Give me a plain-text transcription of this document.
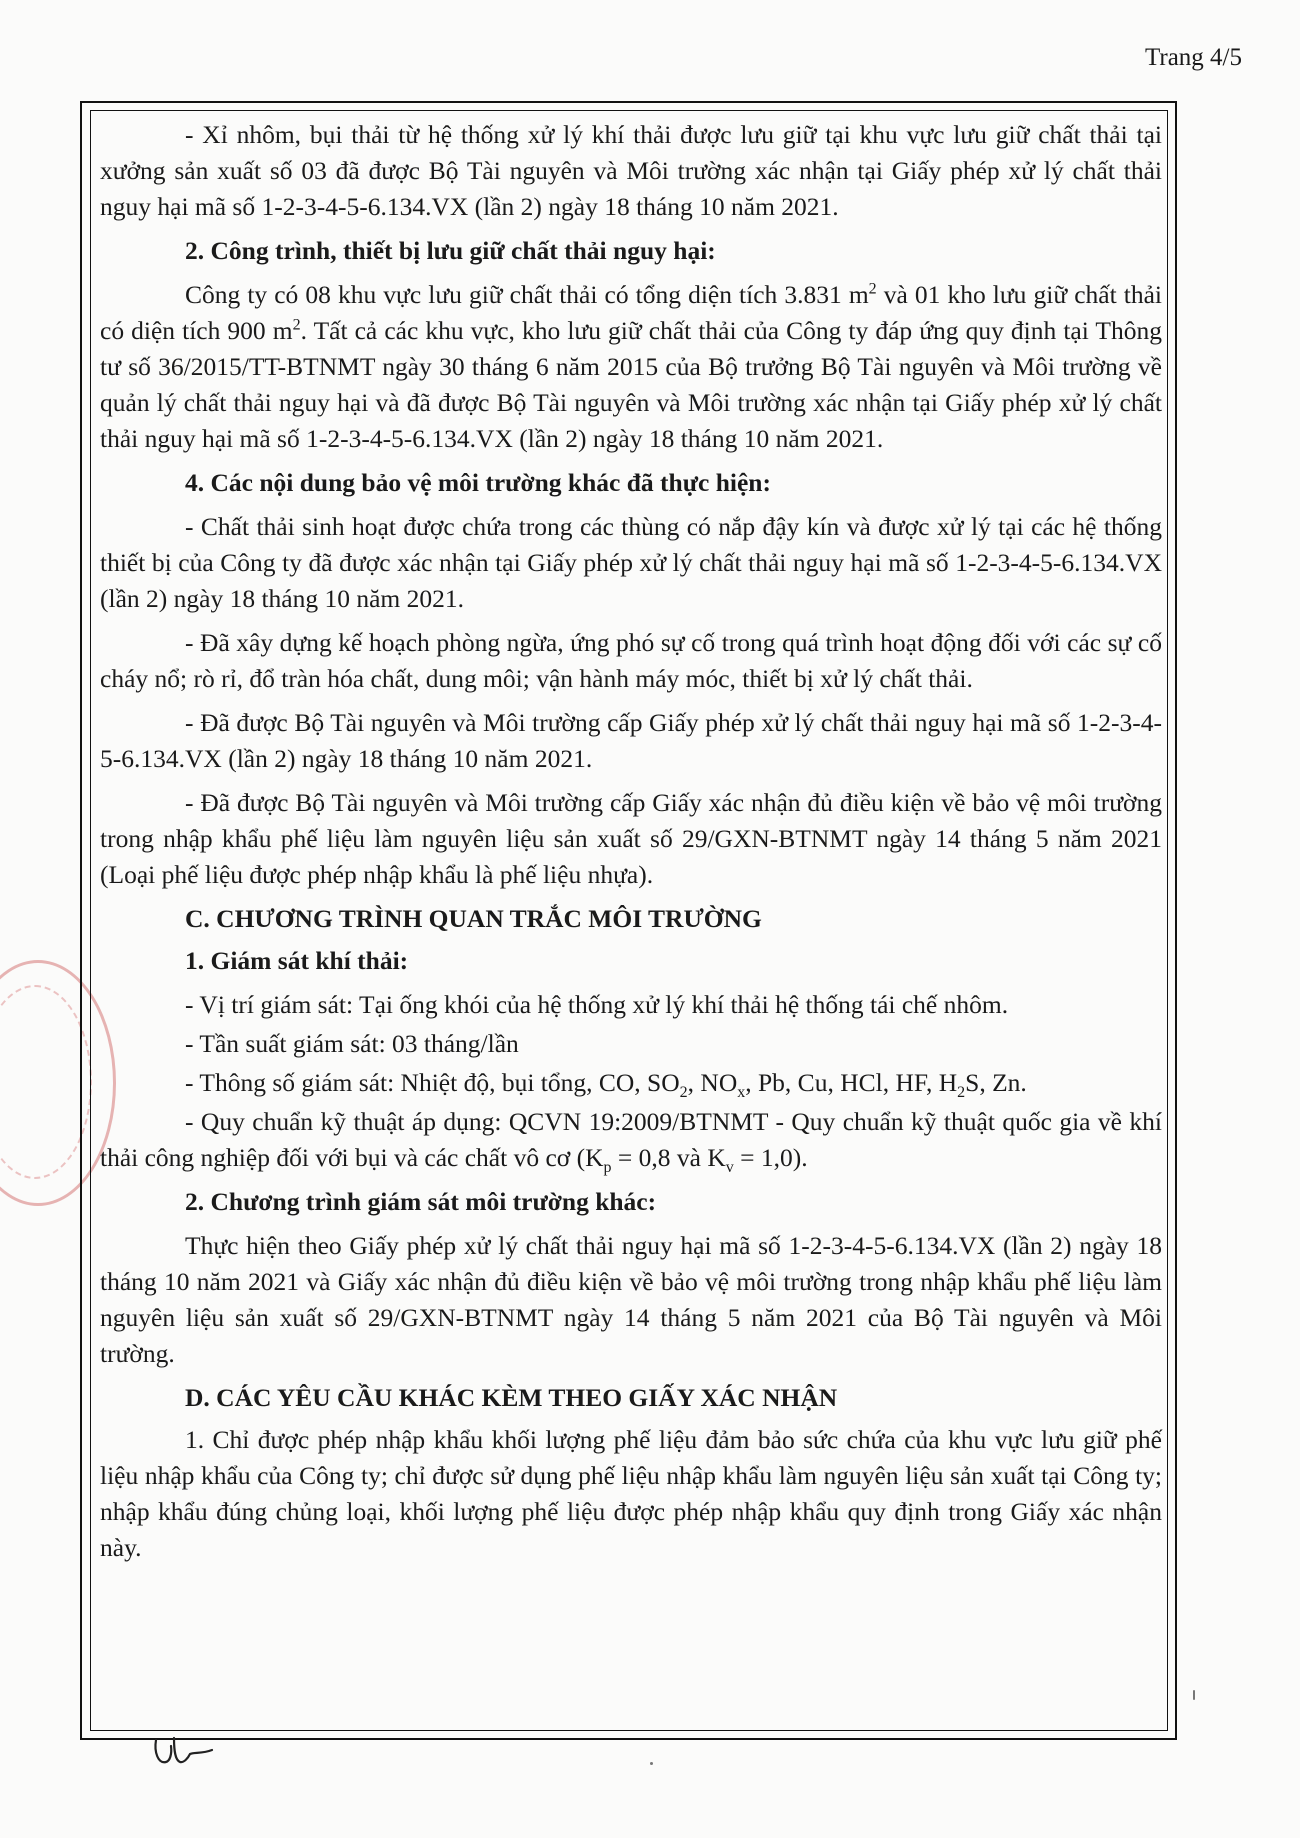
Trang 4/5

- Xỉ nhôm, bụi thải từ hệ thống xử lý khí thải được lưu giữ tại khu vực lưu giữ chất thải tại xưởng sản xuất số 03 đã được Bộ Tài nguyên và Môi trường xác nhận tại Giấy phép xử lý chất thải nguy hại mã số 1-2-3-4-5-6.134.VX (lần 2) ngày 18 tháng 10 năm 2021.

2. Công trình, thiết bị lưu giữ chất thải nguy hại:

Công ty có 08 khu vực lưu giữ chất thải có tổng diện tích 3.831 $m^2$ và 01 kho lưu giữ chất thải có diện tích 900 $m^2$. Tất cả các khu vực, kho lưu giữ chất thải của Công ty đáp ứng quy định tại Thông tư số 36/2015/TT-BTNMT ngày 30 tháng 6 năm 2015 của Bộ trưởng Bộ Tài nguyên và Môi trường về quản lý chất thải nguy hại và đã được Bộ Tài nguyên và Môi trường xác nhận tại Giấy phép xử lý chất thải nguy hại mã số 1-2-3-4-5-6.134.VX (lần 2) ngày 18 tháng 10 năm 2021.

4. Các nội dung bảo vệ môi trường khác đã thực hiện:

- Chất thải sinh hoạt được chứa trong các thùng có nắp đậy kín và được xử lý tại các hệ thống thiết bị của Công ty đã được xác nhận tại Giấy phép xử lý chất thải nguy hại mã số 1-2-3-4-5-6.134.VX (lần 2) ngày 18 tháng 10 năm 2021.

- Đã xây dựng kế hoạch phòng ngừa, ứng phó sự cố trong quá trình hoạt động đối với các sự cố cháy nổ; rò rỉ, đổ tràn hóa chất, dung môi; vận hành máy móc, thiết bị xử lý chất thải.

- Đã được Bộ Tài nguyên và Môi trường cấp Giấy phép xử lý chất thải nguy hại mã số 1-2-3-4-5-6.134.VX (lần 2) ngày 18 tháng 10 năm 2021.

- Đã được Bộ Tài nguyên và Môi trường cấp Giấy xác nhận đủ điều kiện về bảo vệ môi trường trong nhập khẩu phế liệu làm nguyên liệu sản xuất số 29/GXN-BTNMT ngày 14 tháng 5 năm 2021 (Loại phế liệu được phép nhập khẩu là phế liệu nhựa).

C. CHƯƠNG TRÌNH QUAN TRẮC MÔI TRƯỜNG

1. Giám sát khí thải:

- Vị trí giám sát: Tại ống khói của hệ thống xử lý khí thải hệ thống tái chế nhôm.

- Tần suất giám sát: 03 tháng/lần

- Thông số giám sát: Nhiệt độ, bụi tổng, CO, $SO_2$, $NO_x$, Pb, Cu, HCl, HF, $H_2S$, Zn.

- Quy chuẩn kỹ thuật áp dụng: QCVN 19:2009/BTNMT - Quy chuẩn kỹ thuật quốc gia về khí thải công nghiệp đối với bụi và các chất vô cơ ($K_p = 0,8$ và $K_v = 1,0$).

2. Chương trình giám sát môi trường khác:

Thực hiện theo Giấy phép xử lý chất thải nguy hại mã số 1-2-3-4-5-6.134.VX (lần 2) ngày 18 tháng 10 năm 2021 và Giấy xác nhận đủ điều kiện về bảo vệ môi trường trong nhập khẩu phế liệu làm nguyên liệu sản xuất số 29/GXN-BTNMT ngày 14 tháng 5 năm 2021 của Bộ Tài nguyên và Môi trường.

D. CÁC YÊU CẦU KHÁC KÈM THEO GIẤY XÁC NHẬN

1. Chỉ được phép nhập khẩu khối lượng phế liệu đảm bảo sức chứa của khu vực lưu giữ phế liệu nhập khẩu của Công ty; chỉ được sử dụng phế liệu nhập khẩu làm nguyên liệu sản xuất tại Công ty; nhập khẩu đúng chủng loại, khối lượng phế liệu được phép nhập khẩu quy định trong Giấy xác nhận này.
